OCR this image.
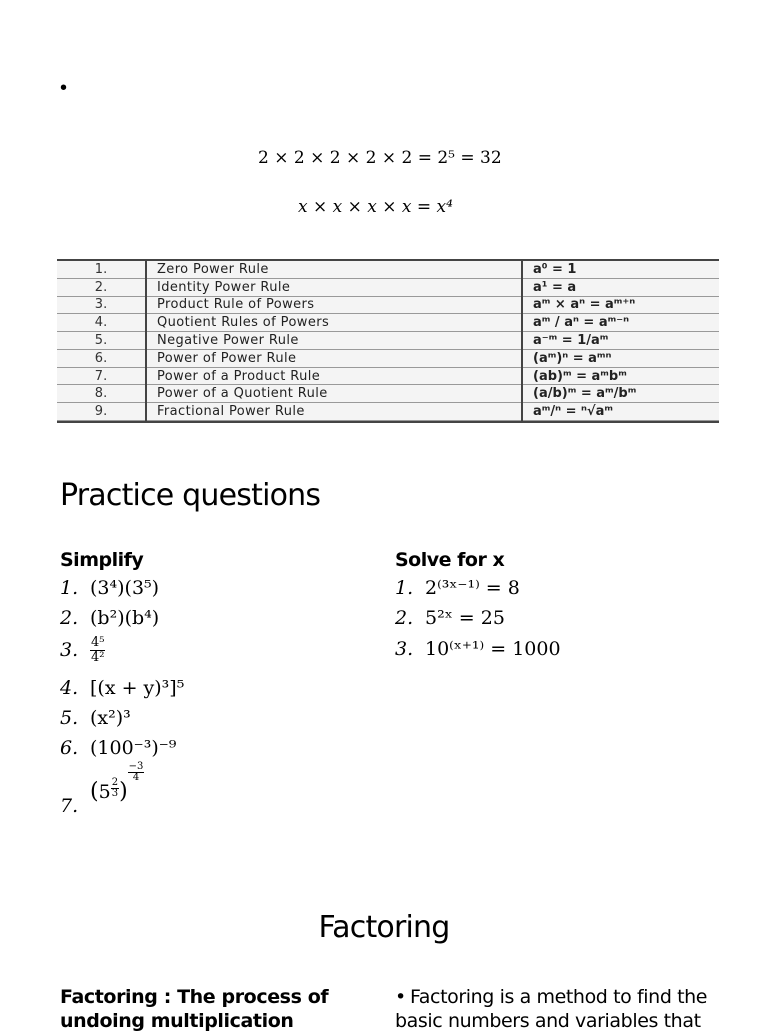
•
2 × 2 × 2 × 2 × 2 = 2⁵ = 32
x × x × x × x = x⁴
1.	Zero Power Rule	a⁰ = 1
2.	Identity Power Rule	a¹ = a
3.	Product Rule of Powers	aᵐ × aⁿ = aᵐ⁺ⁿ
4.	Quotient Rules of Powers	aᵐ / aⁿ = aᵐ⁻ⁿ
5.	Negative Power Rule	a⁻ᵐ = 1/aᵐ
6.	Power of Power Rule	(aᵐ)ⁿ = aᵐⁿ
7.	Power of a Product Rule	(ab)ᵐ = aᵐbᵐ
8.	Power of a Quotient Rule	(a/b)ᵐ = aᵐ/bᵐ
9.	Fractional Power Rule	aᵐ/ⁿ = ⁿ√aᵐ
Practice questions
Simplify	Solve for x
1. (3⁴)(3⁵)
2. (b²)(b⁴)
3. $\frac{\text{4⁵}}{\text{4²}}$
4. [(x + y)³]⁵
5. (x²)³
6. (100⁻³)⁻⁹
$7.(5 \frac{2}{3}$ )
$\frac{-3}{4}$
1. 2⁽³ˣ⁻¹⁾ = 8
2. 5²ˣ = 25
3. 10⁽ˣ⁺¹⁾ = 1000
Factoring
Factoring : The process of undoing multiplication
• Factoring is a method to find the basic numbers and variables that
